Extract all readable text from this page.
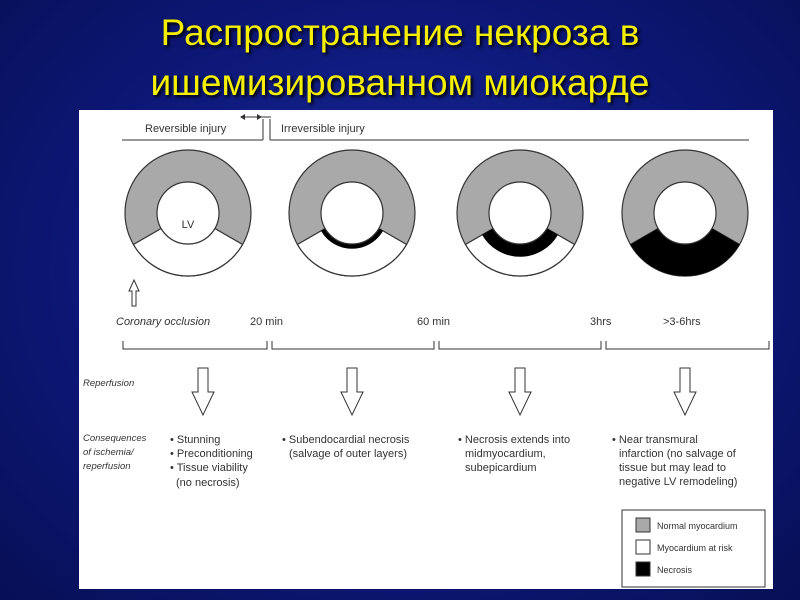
Распространение некроза в
ишемизированном миокарде
Reversible injury	Irreversible injury
LV
Coronary occlusion	20 min	60 min	3hrs	>3-6hrs
Reperfusion
Consequences
of ischemia/
reperfusion
• Stunning
• Preconditioning
• Tissue viability
(no necrosis)
• Subendocardial necrosis
(salvage of outer layers)
• Necrosis extends into
midmyocardium,
subepicardium
• Near transmural
infarction (no salvage of
tissue but may lead to
negative LV remodeling)
Normal myocardium
Myocardium at risk
Necrosis
